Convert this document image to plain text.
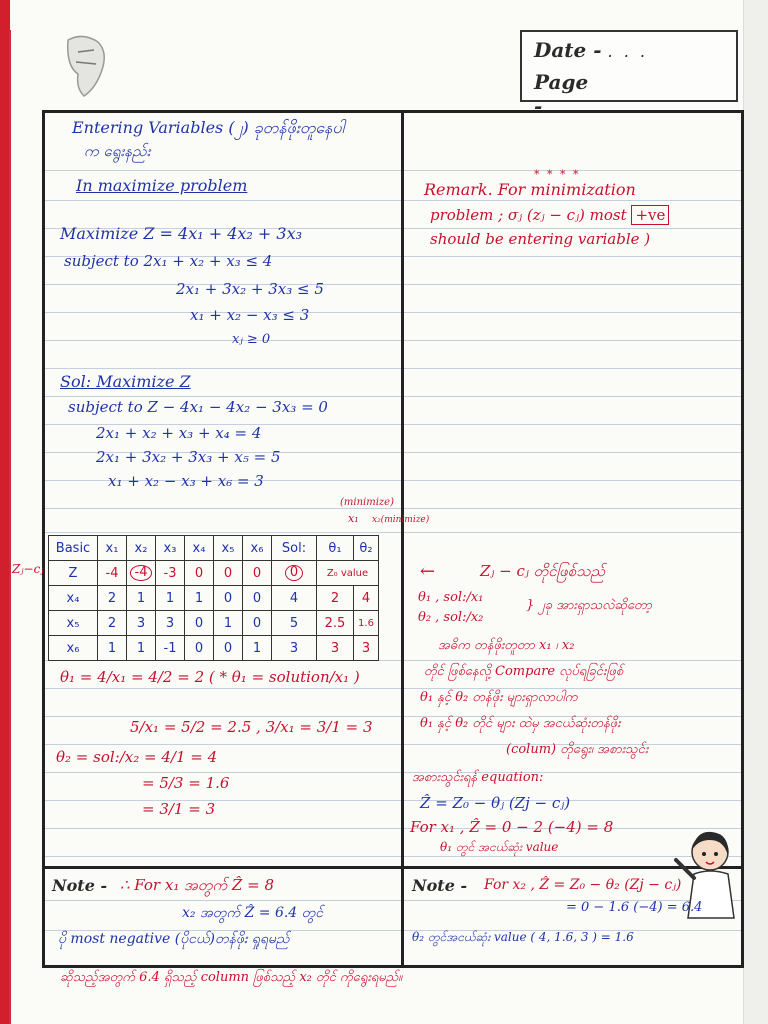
Date - . . .
Page - ................
Entering Variables (၂) ခုတန်ဖိုးတူနေပါ
က ရွေးနည်း
In maximize problem
Maximize Z = 4x₁ + 4x₂ + 3x₃
subject to 2x₁ + x₂ + x₃ ≤ 4
2x₁ + 3x₂ + 3x₃ ≤ 5
x₁ + x₂ − x₃ ≤ 3
xⱼ ≥ 0
Sol: Maximize Z
subject to Z − 4x₁ − 4x₂ − 3x₃ = 0
2x₁ + x₂ + x₃ + x₄ = 4
2x₁ + 3x₂ + 3x₃ + x₅ = 5
x₁ + x₂ − x₃ + x₆ = 3
(minimize)
x₁ x₂(minimize)
* * * *
Remark. For minimization
problem ; σⱼ (zⱼ − cⱼ) most +ve
should be entering variable )
Zⱼ−cⱼ
Basic	x₁	x₂	x₃	x₄	x₅	x₆	Sol:	θ₁	θ₂
Z	-4	-4	-3	0	0	0	0	Z₀ value	
x₄	2	1	1	1	0	0	4	2	4
x₅	2	3	3	0	1	0	5	2.5	1.6
x₆	1	1	-1	0	0	1	3	3	3
θ₁ = 4/x₁ = 4/2 = 2 ( * θ₁ = solution/x₁ )
5/x₁ = 5/2 = 2.5 , 3/x₁ = 3/1 = 3
θ₂ = sol:/x₂ = 4/1 = 4
= 5/3 = 1.6
= 3/1 = 3
←	Zⱼ − cⱼ တိုင်ဖြစ်သည်
θ₁ , sol:/x₁
θ₂ , sol:/x₂
} ၂ခု အားရှာသလဲဆိုတော့
အဓိက တန်ဖိုးတူတာ x₁ ၊ x₂
တိုင် ဖြစ်နေလို့ Compare လုပ်ရခြင်းဖြစ်
θ₁ နှင့် θ₂ တန်ဖိုး များရှာလာပါက
θ₁ နှင့် θ₂ တိုင် များ ထဲမှ အငယ်ဆုံးတန်ဖိုး
(colum) တိုရွေး၊ အစားသွင်း
အစားသွင်းရန် equation:
Ẑ = Z₀ − θⱼ (Zj − cⱼ)
For x₁ , Ẑ = 0 − 2 (−4) = 8
θ₁ တွင် အငယ်ဆုံး value
Note - ∴ For x₁ အတွက် Ẑ = 8
x₂ အတွက် Ẑ = 6.4 တွင်
ပို most negative (ပိုငယ်)တန်ဖိုး ရှုရမည်
Note - For x₂ , Ẑ = Z₀ − θ₂ (Zj − cⱼ)
= 0 − 1.6 (−4) = 6.4
θ₂ တွင်အငယ်ဆုံး value ( 4, 1.6, 3 ) = 1.6
ဆိုသည့်အတွက် 6.4 ရှိသည့် column ဖြစ်သည့် x₂ တိုင် ကိုရွေးရမည်။
